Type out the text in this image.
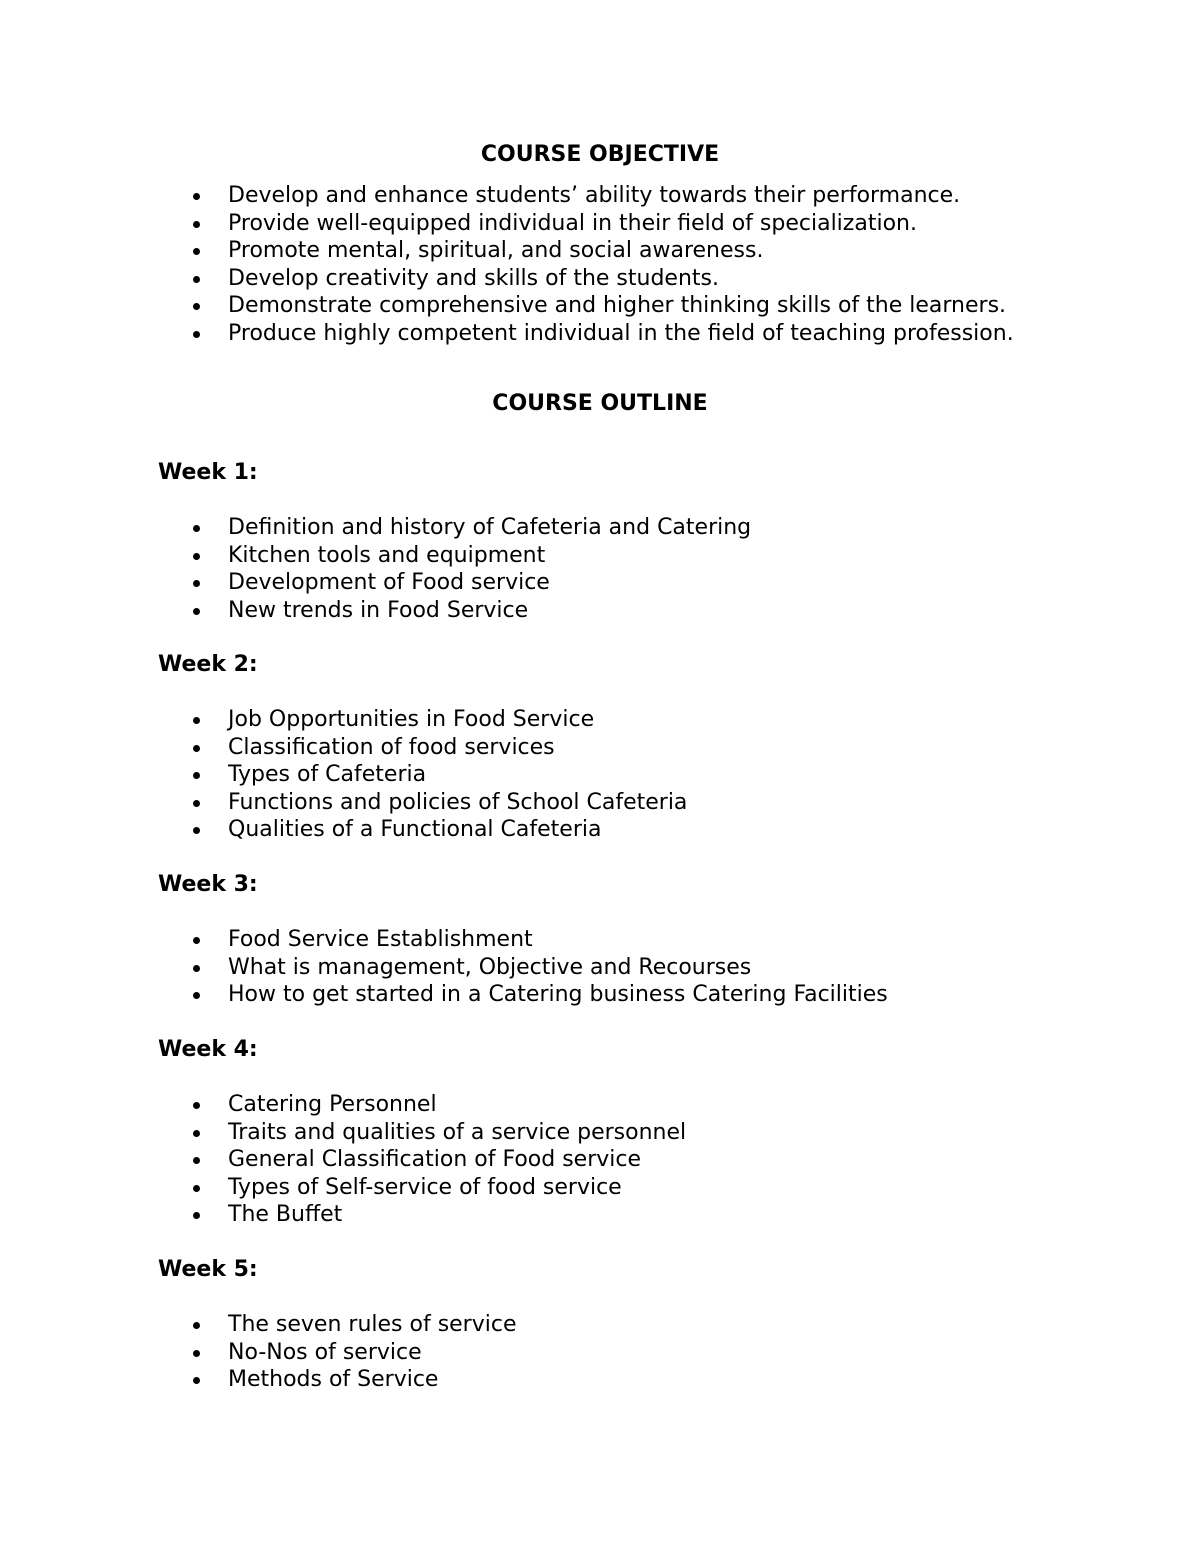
COURSE OBJECTIVE
Develop and enhance students’ ability towards their performance.
Provide well-equipped individual in their field of specialization.
Promote mental, spiritual, and social awareness.
Develop creativity and skills of the students.
Demonstrate comprehensive and higher thinking skills of the learners.
Produce highly competent individual in the field of teaching profession.
COURSE OUTLINE
Week 1:
Definition and history of Cafeteria and Catering
Kitchen tools and equipment
Development of Food service
New trends in Food Service
Week 2:
Job Opportunities in Food Service
Classification of food services
Types of Cafeteria
Functions and policies of School Cafeteria
Qualities of a Functional Cafeteria
Week 3:
Food Service Establishment
What is management, Objective and Recourses
How to get started in a Catering business Catering Facilities
Week 4:
Catering Personnel
Traits and qualities of a service personnel
General Classification of Food service
Types of Self-service of food service
The Buffet
Week 5:
The seven rules of service
No-Nos of service
Methods of Service
